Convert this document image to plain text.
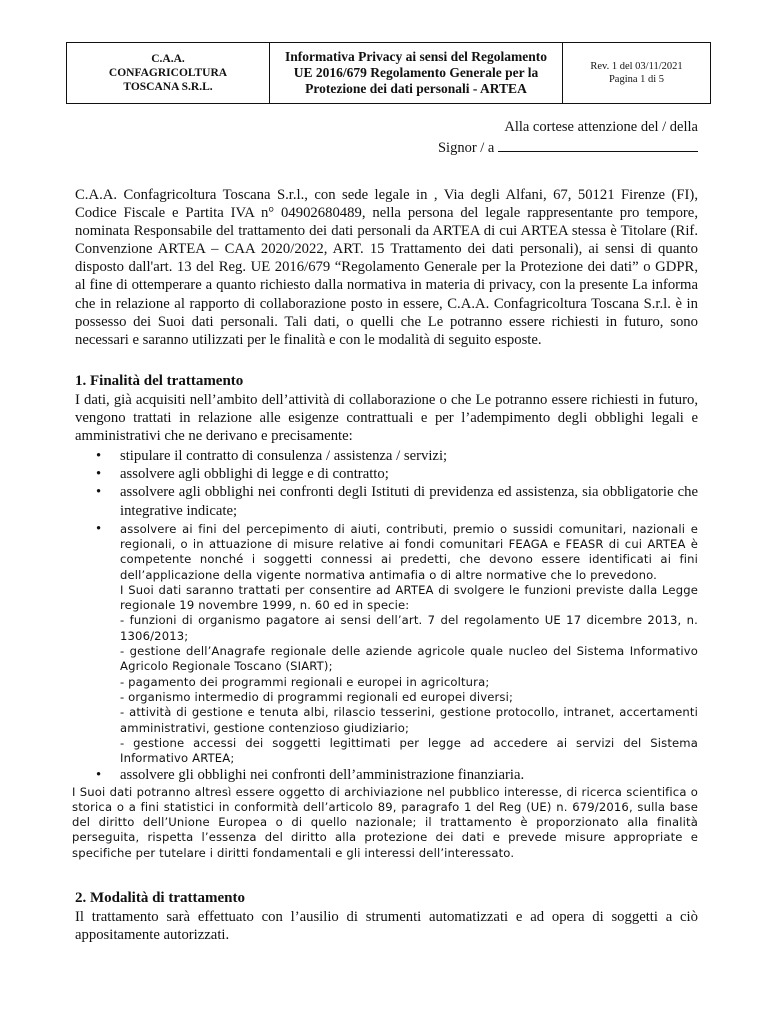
C.A.A.
CONFAGRICOLTURA
TOSCANA S.R.L.

Informativa Privacy ai sensi del Regolamento
UE 2016/679 Regolamento Generale per la
Protezione dei dati personali - ARTEA

Rev. 1 del 03/11/2021
Pagina 1 di 5
Alla cortese attenzione del / della
Signor / a

C.A.A. Confagricoltura Toscana S.r.l., con sede legale in , Via degli Alfani, 67, 50121 Firenze (FI), Codice Fiscale e Partita IVA n° 04902680489, nella persona del legale rappresentante pro tempore, nominata Responsabile del trattamento dei dati personali da ARTEA di cui ARTEA stessa è Titolare (Rif. Convenzione ARTEA – CAA 2020/2022, ART. 15 Trattamento dei dati personali), ai sensi di quanto disposto dall'art. 13 del Reg. UE 2016/679 “Regolamento Generale per la Protezione dei dati” o GDPR, al fine di ottemperare a quanto richiesto dalla normativa in materia di privacy, con la presente La informa che in relazione al rapporto di collaborazione posto in essere, C.A.A. Confagricoltura Toscana S.r.l. è in possesso dei Suoi dati personali. Tali dati, o quelli che Le potranno essere richiesti in futuro, sono necessari e saranno utilizzati per le finalità e con le modalità di seguito esposte.

1. Finalità del trattamento

I dati, già acquisiti nell’ambito dell’attività di collaborazione o che Le potranno essere richiesti in futuro, vengono trattati in relazione alle esigenze contrattuali e per l’adempimento degli obblighi legali e amministrativi che ne derivano e precisamente:

• stipulare il contratto di consulenza / assistenza / servizi;
• assolvere agli obblighi di legge e di contratto;
• assolvere agli obblighi nei confronti degli Istituti di previdenza ed assistenza, sia obbligatorie che integrative indicate;
• assolvere ai fini del percepimento di aiuti, contributi, premio o sussidi comunitari, nazionali e regionali, o in attuazione di misure relative ai fondi comunitari FEAGA e FEASR di cui ARTEA è competente nonché i soggetti connessi ai predetti, che devono essere identificati ai fini dell’applicazione della vigente normativa antimafia o di altre normative che lo prevedono.
I Suoi dati saranno trattati per consentire ad ARTEA di svolgere le funzioni previste dalla Legge regionale 19 novembre 1999, n. 60 ed in specie:
- funzioni di organismo pagatore ai sensi dell’art. 7 del regolamento UE 17 dicembre 2013, n. 1306/2013;
- gestione dell’Anagrafe regionale delle aziende agricole quale nucleo del Sistema Informativo Agricolo Regionale Toscano (SIART);
- pagamento dei programmi regionali e europei in agricoltura;
- organismo intermedio di programmi regionali ed europei diversi;
- attività di gestione e tenuta albi, rilascio tesserini, gestione protocollo, intranet, accertamenti amministrativi, gestione contenzioso giudiziario;
- gestione accessi dei soggetti legittimati per legge ad accedere ai servizi del Sistema Informativo ARTEA;
• assolvere gli obblighi nei confronti dell’amministrazione finanziaria.
I Suoi dati potranno altresì essere oggetto di archiviazione nel pubblico interesse, di ricerca scientifica o storica o a fini statistici in conformità dell’articolo 89, paragrafo 1 del Reg (UE) n. 679/2016, sulla base del diritto dell’Unione Europea o di quello nazionale; il trattamento è proporzionato alla finalità perseguita, rispetta l’essenza del diritto alla protezione dei dati e prevede misure appropriate e specifiche per tutelare i diritti fondamentali e gli interessi dell’interessato.
2. Modalità di trattamento

Il trattamento sarà effettuato con l’ausilio di strumenti automatizzati e ad opera di soggetti a ciò appositamente autorizzati.
